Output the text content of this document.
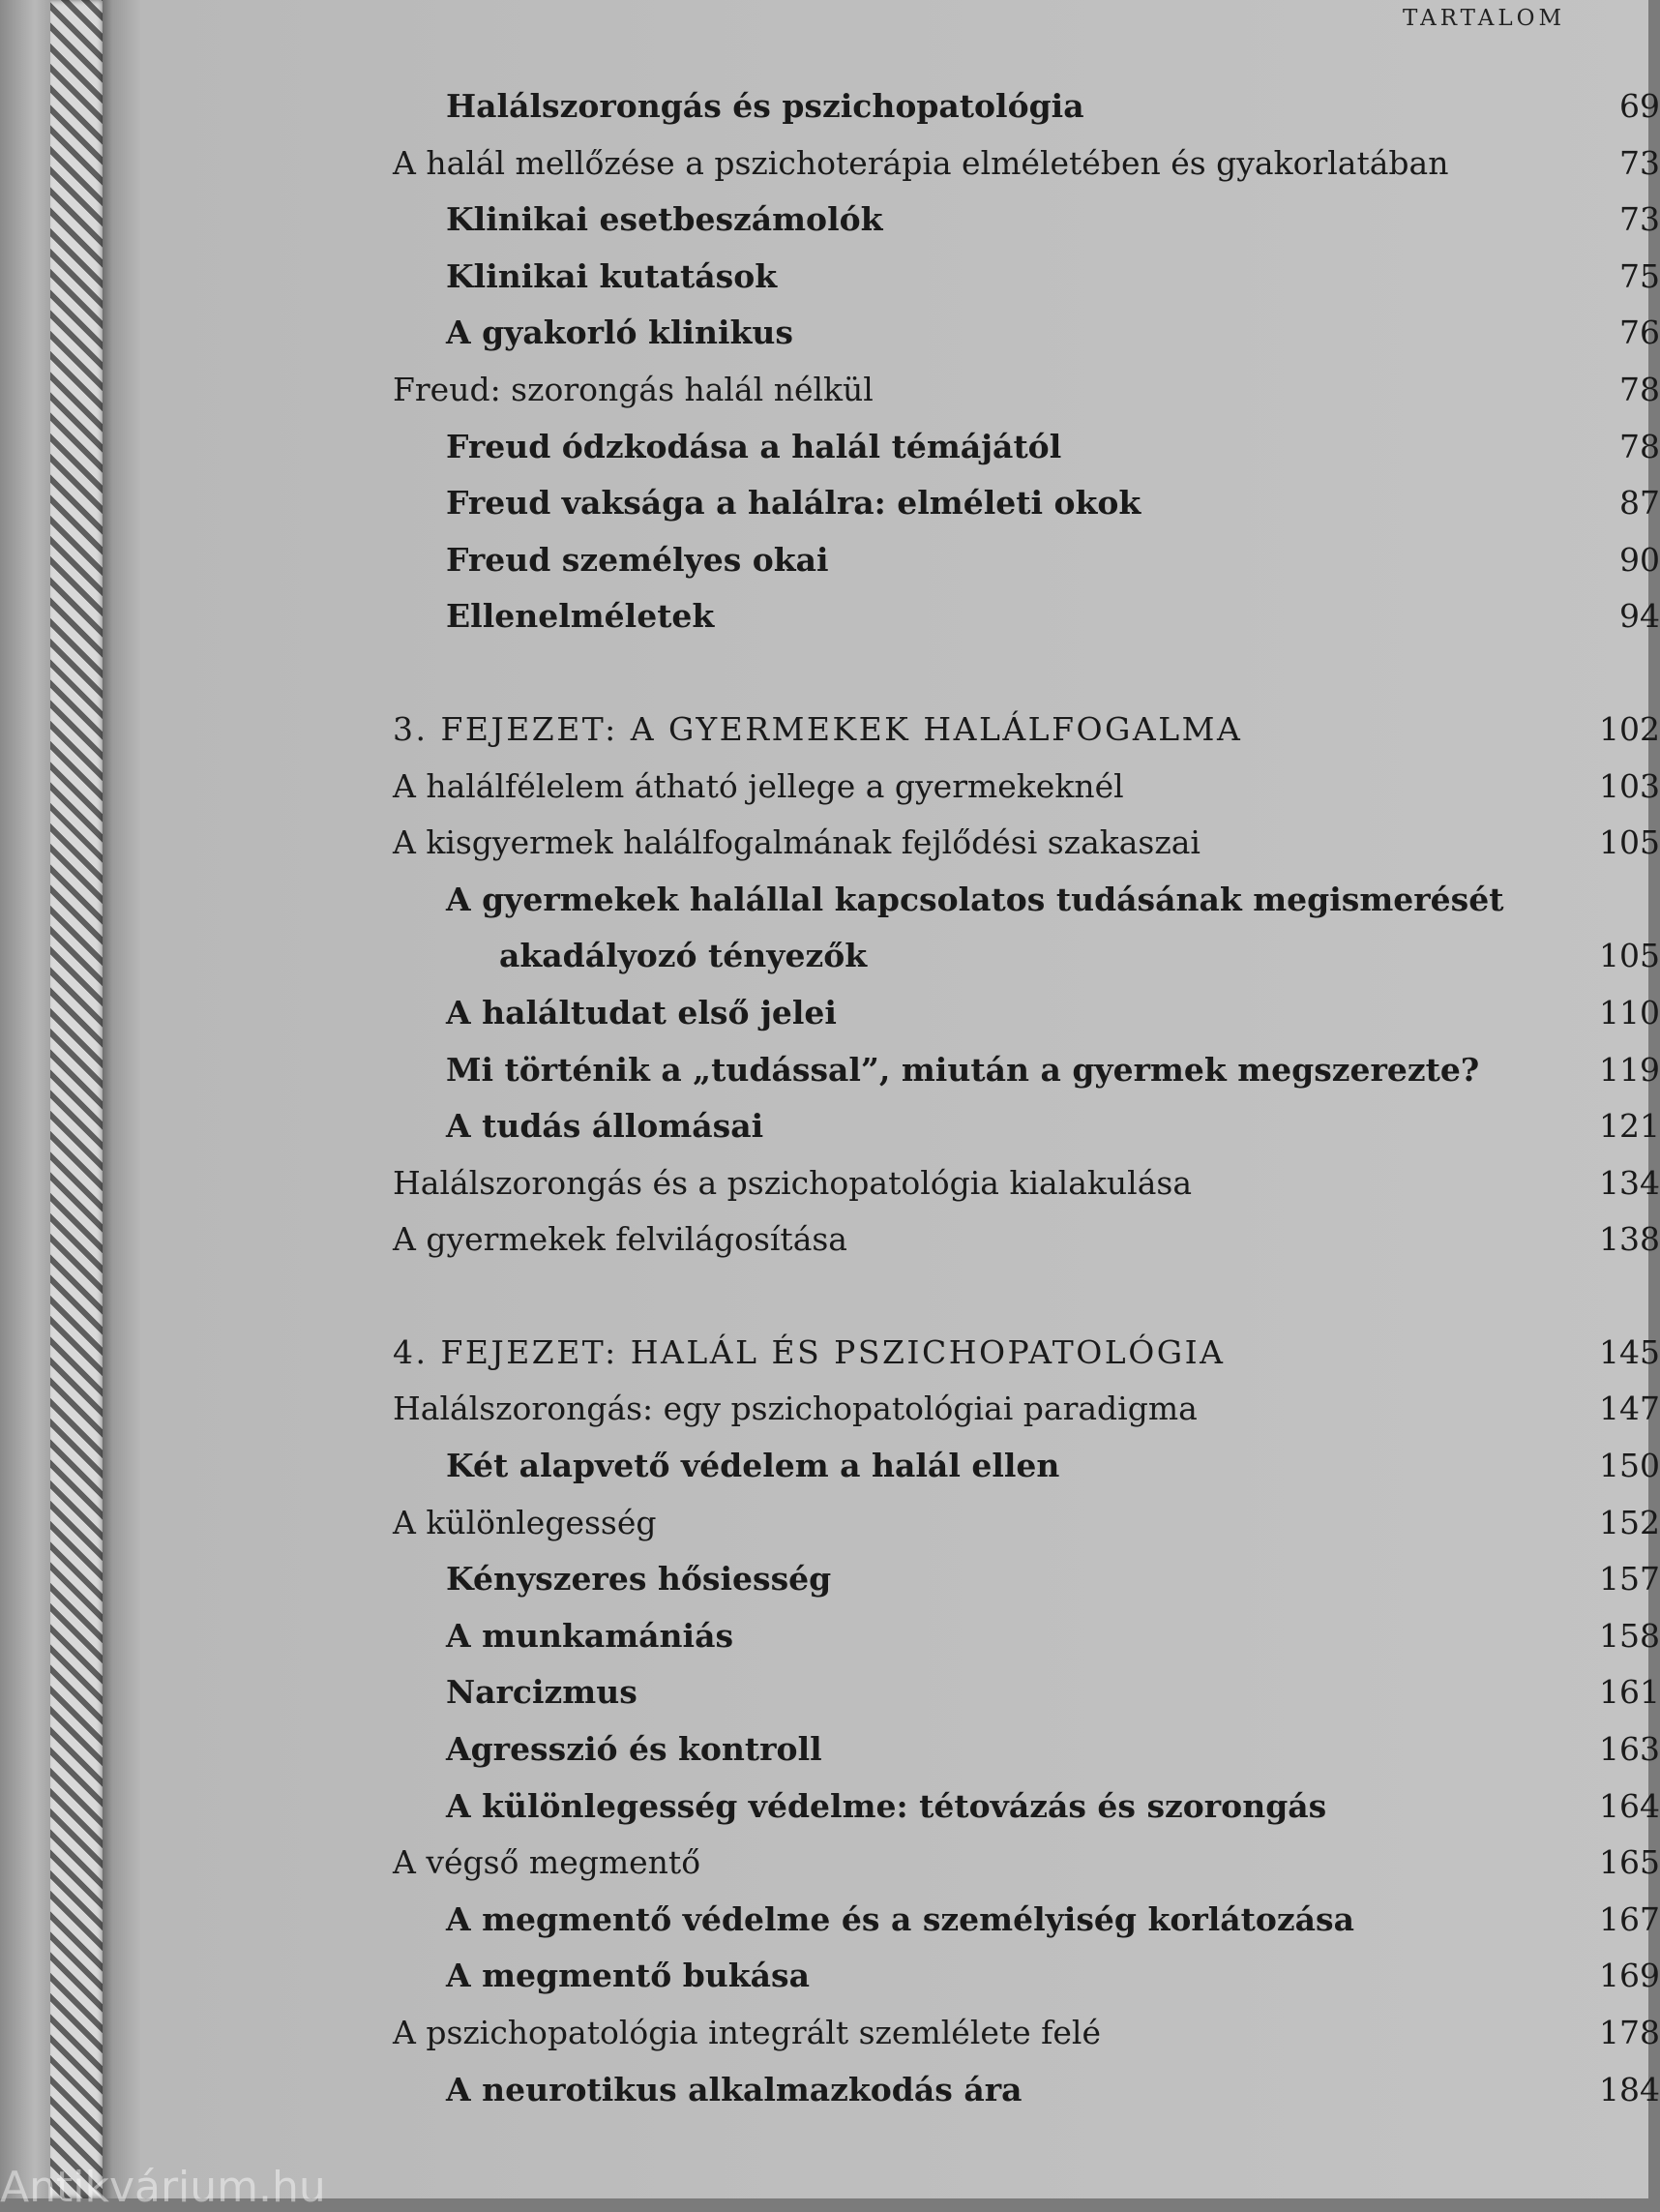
TARTALOM
Halálszorongás és pszichopatológia	69
A halál mellőzése a pszichoterápia elméletében és gyakorlatában	73
Klinikai esetbeszámolók	73
Klinikai kutatások	75
A gyakorló klinikus	76
Freud: szorongás halál nélkül	78
Freud ódzkodása a halál témájától	78
Freud vaksága a halálra: elméleti okok	87
Freud személyes okai	90
Ellenelméletek	94
3. FEJEZET: A GYERMEKEK HALÁLFOGALMA	102
A halálfélelem átható jellege a gyermekeknél	103
A kisgyermek halálfogalmának fejlődési szakaszai	105
A gyermekek halállal kapcsolatos tudásának megismerését
akadályozó tényezők	105
A haláltudat első jelei	110
Mi történik a „tudással”, miután a gyermek megszerezte?	119
A tudás állomásai	121
Halálszorongás és a pszichopatológia kialakulása	134
A gyermekek felvilágosítása	138
4. FEJEZET: HALÁL ÉS PSZICHOPATOLÓGIA	145
Halálszorongás: egy pszichopatológiai paradigma	147
Két alapvető védelem a halál ellen	150
A különlegesség	152
Kényszeres hősiesség	157
A munkamániás	158
Narcizmus	161
Agresszió és kontroll	163
A különlegesség védelme: tétovázás és szorongás	164
A végső megmentő	165
A megmentő védelme és a személyiség korlátozása	167
A megmentő bukása	169
A pszichopatológia integrált szemlélete felé	178
A neurotikus alkalmazkodás ára	184
Antikvárium.hu
